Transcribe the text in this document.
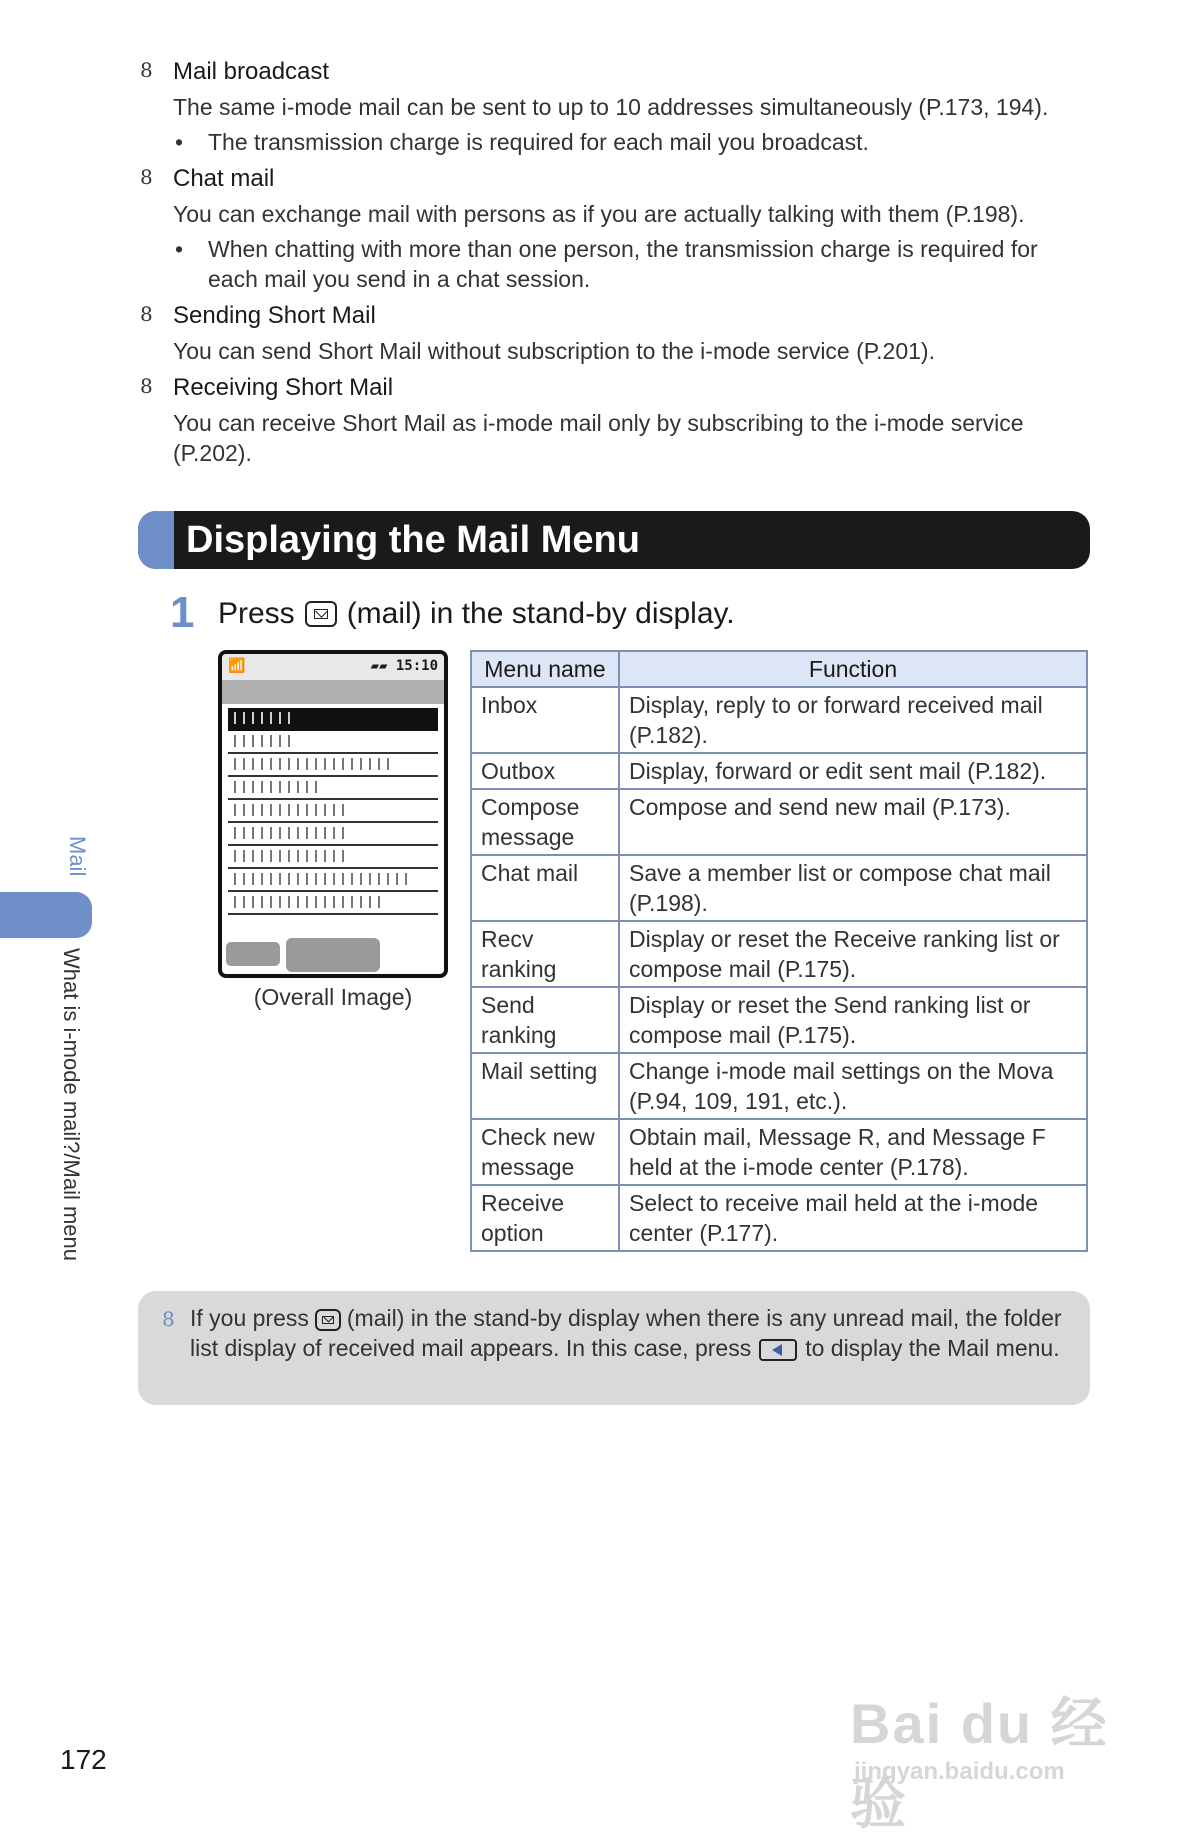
8 Mail broadcast
The same i-mode mail can be sent to up to 10 addresses simultaneously (P.173, 194).
• The transmission charge is required for each mail you broadcast.
8 Chat mail
You can exchange mail with persons as if you are actually talking with them (P.198).
• When chatting with more than one person, the transmission charge is required for each mail you send in a chat session.
8 Sending Short Mail
You can send Short Mail without subscription to the i-mode service (P.201).
8 Receiving Short Mail
You can receive Short Mail as i-mode mail only by subscribing to the i-mode service (P.202).
Displaying the Mail Menu
1 Press (mail) in the stand-by display.
📶	▰▰ 15:10
(Overall Image)
Menu name	Function
Inbox	Display, reply to or forward received mail (P.182).
Outbox	Display, forward or edit sent mail (P.182).
Compose message	Compose and send new mail (P.173).
Chat mail	Save a member list or compose chat mail (P.198).
Recv ranking	Display or reset the Receive ranking list or compose mail (P.175).
Send ranking	Display or reset the Send ranking list or compose mail (P.175).
Mail setting	Change i-mode mail settings on the Mova (P.94, 109, 191, etc.).
Check new message	Obtain mail, Message R, and Message F held at the i-mode center (P.178).
Receive option	Select to receive mail held at the i-mode center (P.177).
8 If you press (mail) in the stand-by display when there is any unread mail, the folder list display of received mail appears. In this case, press to display the Mail menu.
Mail
What is i-mode mail?/Mail menu
172
Bai du 经验
jingyan.baidu.com
